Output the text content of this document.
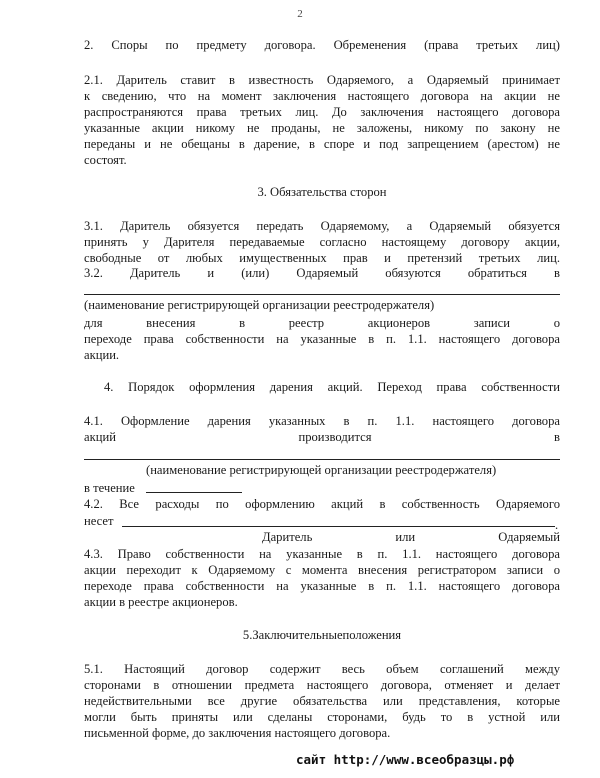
2
2. Споры по предмету договора. Обременения (права третьих лиц)
2.1. Даритель ставит в известность Одаряемого, а Одаряемый принимает
к сведению, что на момент заключения настоящего договора на акции не
распространяются права третьих лиц. До заключения настоящего договора
указанные акции никому не проданы, не заложены, никому по закону не
переданы и не обещаны в дарение, в споре и под запрещением (арестом) не
состоят.
3. Обязательства сторон
3.1. Даритель обязуется передать Одаряемому, а Одаряемый обязуется
принять у Дарителя передаваемые согласно настоящему договору акции,
свободные от любых имущественных прав и претензий третьих лиц.
3.2. Даритель и (или) Одаряемый обязуются обратиться в
(наименование регистрирующей организации реестродержателя)
для внесения в реестр акционеров записи о
переходе права собственности на указанные в п. 1.1. настоящего договора
акции.
4. Порядок оформления дарения акций. Переход права собственности
4.1. Оформление дарения указанных в п. 1.1. настоящего договора
акций производится в
(наименование регистрирующей организации реестродержателя)
в течение
4.2. Все расходы по оформлению акций в собственность Одаряемого
несет	.
Даритель или Одаряемый
4.3. Право собственности на указанные в п. 1.1. настоящего договора
акции переходит к Одаряемому с момента внесения регистратором записи о
переходе права собственности на указанные в п. 1.1. настоящего договора
акции в реестре акционеров.
5.Заключительныеположения
5.1. Настоящий договор содержит весь объем соглашений между
сторонами в отношении предмета настоящего договора, отменяет и делает
недействительными все другие обязательства или представления, которые
могли быть приняты или сделаны сторонами, будь то в устной или
письменной форме, до заключения настоящего договора.
сайт http://www.всеобразцы.рф
